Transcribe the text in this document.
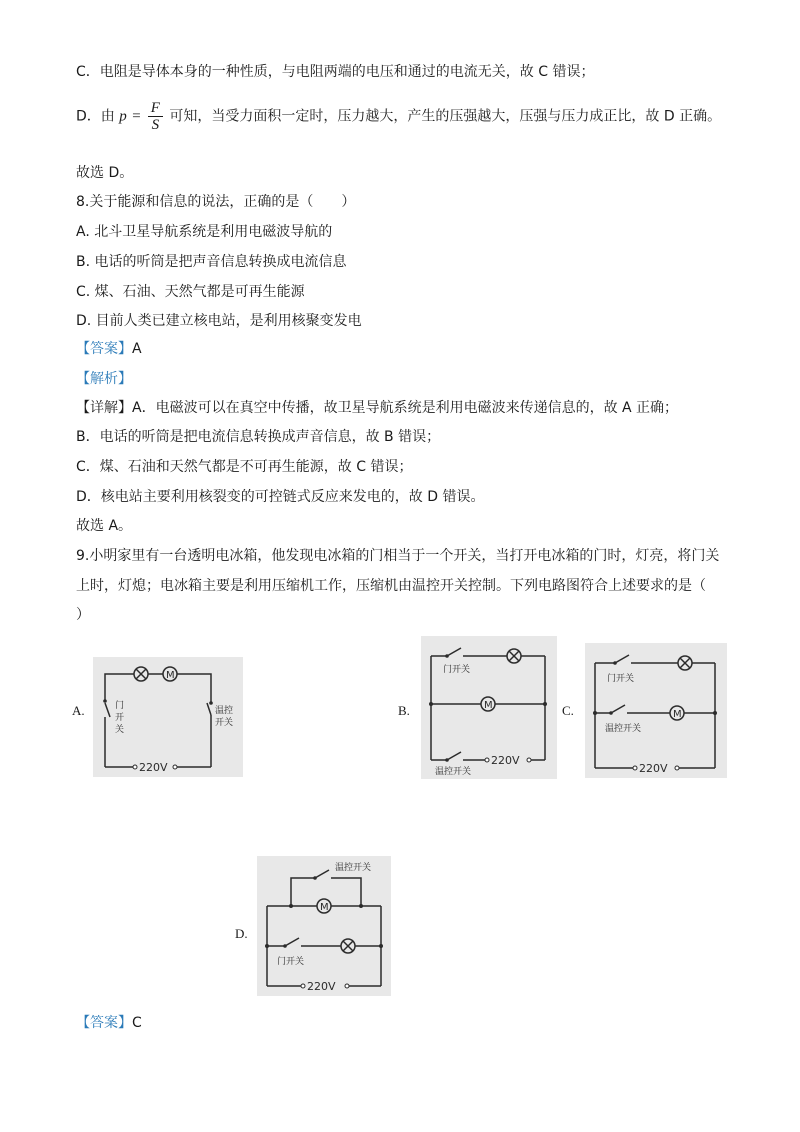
C．电阻是导体本身的一种性质，与电阻两端的电压和通过的电流无关，故 C 错误；
D．由 $p = \frac{F}{S}$ 可知，当受力面积一定时，压力越大，产生的压强越大，压强与压力成正比，故 D 正确。
故选 D。
8.关于能源和信息的说法，正确的是（　　）
A. 北斗卫星导航系统是利用电磁波导航的
B. 电话的听筒是把声音信息转换成电流信息
C. 煤、石油、天然气都是可再生能源
D. 目前人类已建立核电站，是利用核聚变发电
【答案】A
【解析】
【详解】A．电磁波可以在真空中传播，故卫星导航系统是利用电磁波来传递信息的，故 A 正确；
B．电话的听筒是把电流信息转换成声音信息，故 B 错误；
C．煤、石油和天然气都是不可再生能源，故 C 错误；
D．核电站主要利用核裂变的可控链式反应来发电的，故 D 错误。
故选 A。
9.小明家里有一台透明电冰箱，他发现电冰箱的门相当于一个开关，当打开电冰箱的门时，灯亮，将门关
上时，灯熄；电冰箱主要是利用压缩机工作，压缩机由温控开关控制。下列电路图符合上述要求的是（
）
A.	B.	C.
D.
M
门
开
关
温控
开关
220V
M
门开关
温控开关
220V
M
门开关
温控开关
220V
M
温控开关
门开关
220V
【答案】C
